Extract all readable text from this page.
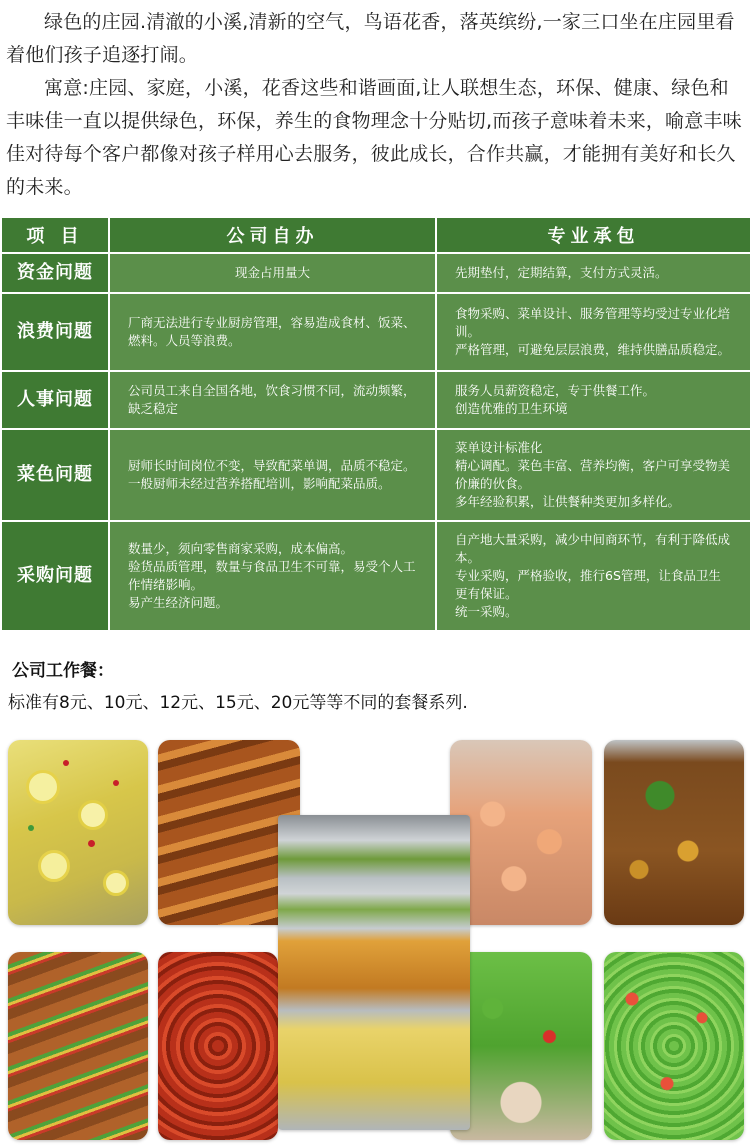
绿色的庄园.清澈的小溪,清新的空气，鸟语花香，落英缤纷,一家三口坐在庄园里看着他们孩子追逐打闹。

寓意:庄园、家庭，小溪，花香这些和谐画面,让人联想生态，环保、健康、绿色和丰味佳一直以提供绿色，环保，养生的食物理念十分贴切,而孩子意味着未来，喻意丰味佳对待每个客户都像对孩子样用心去服务，彼此成长，合作共赢，才能拥有美好和长久的未来。

项 目	公司自办	专业承包
资金问题	现金占用量大	先期垫付，定期结算，支付方式灵活。

浪费问题	厂商无法进行专业厨房管理，容易造成食材、饭菜、燃料。人员等浪费。	食物采购、菜单设计、服务管理等均受过专业化培训。
严格管理，可避免层层浪费，维持供膳品质稳定。

人事问题	公司员工来自全国各地，饮食习惯不同，流动频繁，缺乏稳定	服务人员薪资稳定，专于供餐工作。
创造优雅的卫生环境

菜色问题	厨师长时间岗位不变，导致配菜单调，品质不稳定。
一般厨师未经过营养搭配培训，影响配菜品质。	菜单设计标准化
精心调配。菜色丰富、营养均衡，客户可享受物美价廉的伙食。
多年经验积累，让供餐种类更加多样化。

采购问题	数量少，须向零售商家采购，成本偏高。
验货品质管理，数量与食品卫生不可靠，易受个人工作情绪影响。
易产生经济问题。	自产地大量采购，减少中间商环节，有利于降低成本。
专业采购，严格验收，推行6S管理，让食品卫生更有保证。
统一采购。
公司工作餐：
标准有8元、10元、12元、15元、20元等等不同的套餐系列.
